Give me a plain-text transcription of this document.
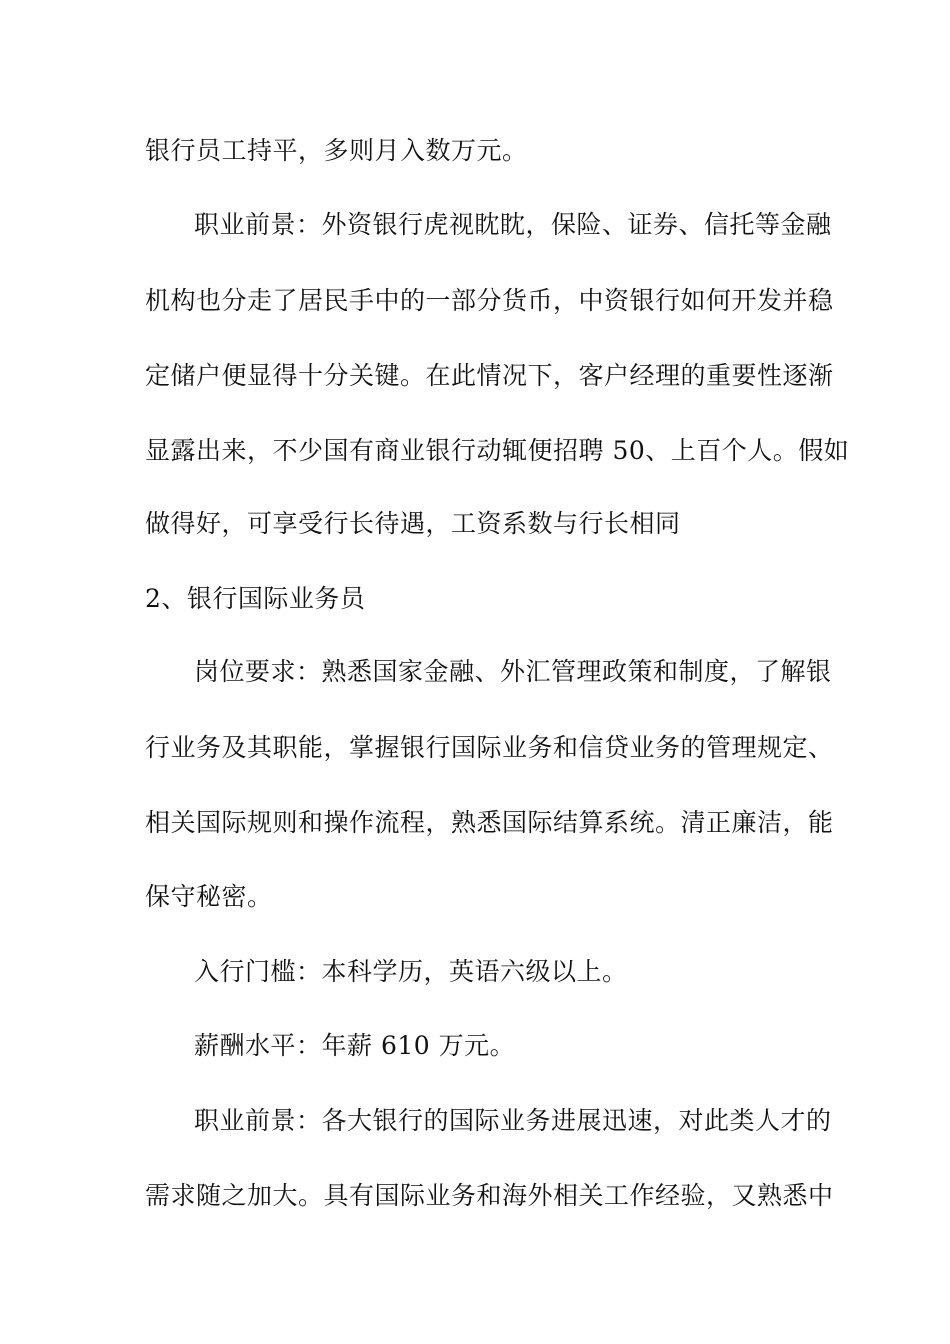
银行员工持平，多则月入数万元。
职业前景：外资银行虎视眈眈，保险、证券、信托等金融
机构也分走了居民手中的一部分货币，中资银行如何开发并稳
定储户便显得十分关键。在此情况下，客户经理的重要性逐渐
显露出来，不少国有商业银行动辄便招聘 50、上百个人。假如
做得好，可享受行长待遇，工资系数与行长相同
2、银行国际业务员
岗位要求：熟悉国家金融、外汇管理政策和制度，了解银
行业务及其职能，掌握银行国际业务和信贷业务的管理规定、
相关国际规则和操作流程，熟悉国际结算系统。清正廉洁，能
保守秘密。
入行门槛：本科学历，英语六级以上。
薪酬水平：年薪 610 万元。
职业前景：各大银行的国际业务进展迅速，对此类人才的
需求随之加大。具有国际业务和海外相关工作经验，又熟悉中
